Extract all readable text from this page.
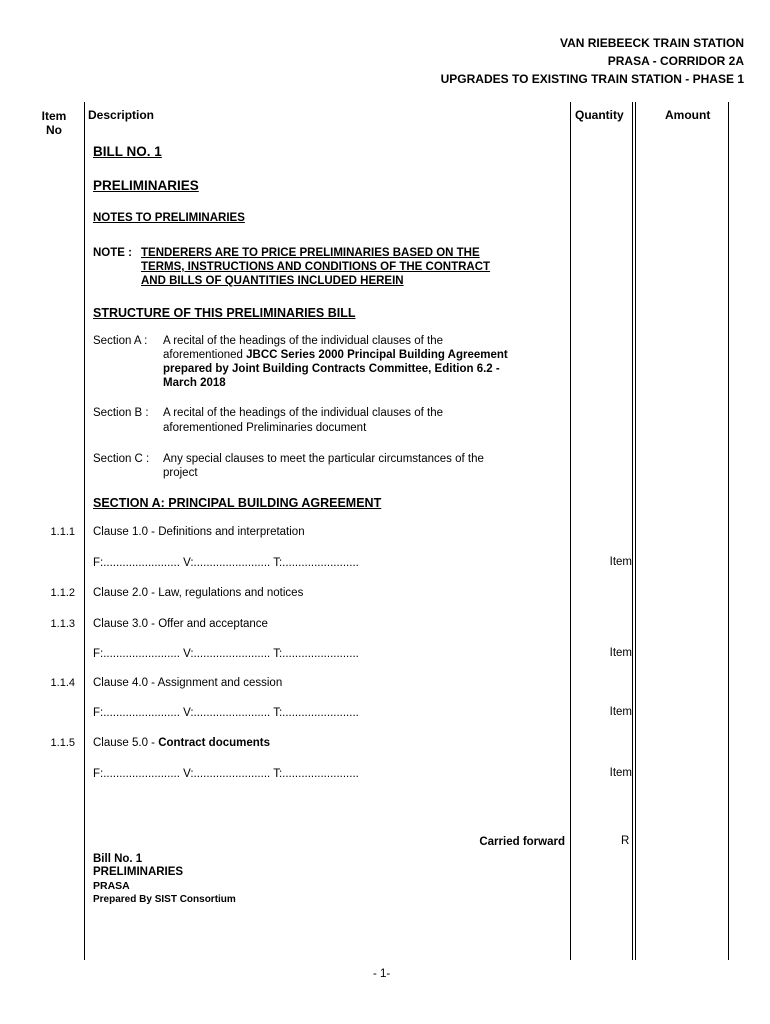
VAN RIEBEECK TRAIN STATION
PRASA - CORRIDOR 2A
UPGRADES TO EXISTING TRAIN STATION - PHASE 1
Item
No
Description	Quantity	Amount
BILL NO. 1
PRELIMINARIES
NOTES TO PRELIMINARIES
NOTE : TENDERERS ARE TO PRICE PRELIMINARIES BASED ON THE
TERMS, INSTRUCTIONS AND CONDITIONS OF THE CONTRACT
AND BILLS OF QUANTITIES INCLUDED HEREIN
STRUCTURE OF THIS PRELIMINARIES BILL
Section A : A recital of the headings of the individual clauses of the
aforementioned JBCC Series 2000 Principal Building Agreement
prepared by Joint Building Contracts Committee, Edition 6.2 -
March 2018
Section B : A recital of the headings of the individual clauses of the
aforementioned Preliminaries document
Section C : Any special clauses to meet the particular circumstances of the
project
SECTION A: PRINCIPAL BUILDING AGREEMENT
1.1.1 Clause 1.0 - Definitions and interpretation
F:........................ V:........................ T:........................	Item
1.1.2 Clause 2.0 - Law, regulations and notices
1.1.3 Clause 3.0 - Offer and acceptance
F:........................ V:........................ T:........................	Item
1.1.4 Clause 4.0 - Assignment and cession
F:........................ V:........................ T:........................	Item
1.1.5 Clause 5.0 - Contract documents
F:........................ V:........................ T:........................	Item
Carried forward	R
Bill No. 1
PRELIMINARIES
PRASA
Prepared By SIST Consortium
- 1-
